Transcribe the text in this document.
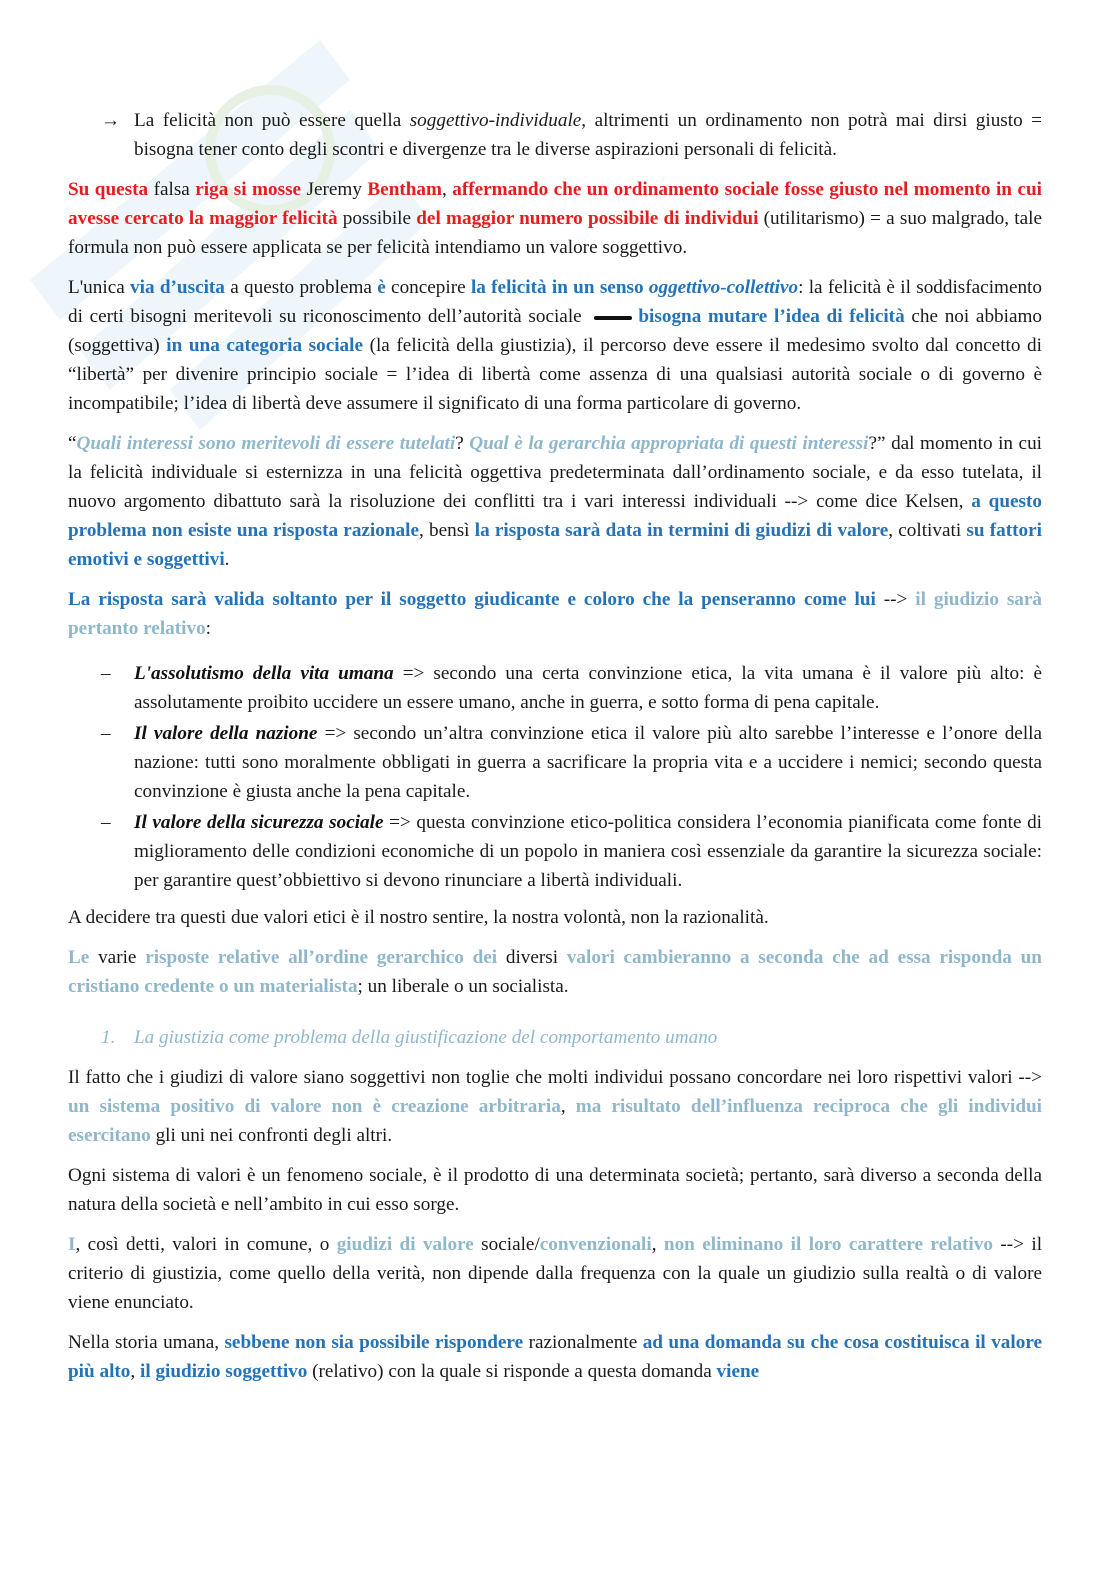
→ La felicità non può essere quella soggettivo-individuale, altrimenti un ordinamento non potrà mai dirsi giusto = bisogna tener conto degli scontri e divergenze tra le diverse aspirazioni personali di felicità.

Su questa falsa riga si mosse Jeremy Bentham, affermando che un ordinamento sociale fosse giusto nel momento in cui avesse cercato la maggior felicità possibile del maggior numero possibile di individui (utilitarismo) = a suo malgrado, tale formula non può essere applicata se per felicità intendiamo un valore soggettivo.

L'unica via d’uscita a questo problema è concepire la felicità in un senso oggettivo-collettivo: la felicità è il soddisfacimento di certi bisogni meritevoli su riconoscimento dell’autorità sociale	bisogna mutare l’idea di felicità che noi abbiamo (soggettiva) in una categoria sociale (la felicità della giustizia), il percorso deve essere il medesimo svolto dal concetto di “libertà” per divenire principio sociale = l’idea di libertà come assenza di una qualsiasi autorità sociale o di governo è incompatibile; l’idea di libertà deve assumere il significato di una forma particolare di governo.

“Quali interessi sono meritevoli di essere tutelati? Qual è la gerarchia appropriata di questi interessi?” dal momento in cui la felicità individuale si esternizza in una felicità oggettiva predeterminata dall’ordinamento sociale, e da esso tutelata, il nuovo argomento dibattuto sarà la risoluzione dei conflitti tra i vari interessi individuali --> come dice Kelsen, a questo problema non esiste una risposta razionale, bensì la risposta sarà data in termini di giudizi di valore, coltivati su fattori emotivi e soggettivi.

La risposta sarà valida soltanto per il soggetto giudicante e coloro che la penseranno come lui --> il giudizio sarà pertanto relativo:

– L'assolutismo della vita umana => secondo una certa convinzione etica, la vita umana è il valore più alto: è assolutamente proibito uccidere un essere umano, anche in guerra, e sotto forma di pena capitale.
– Il valore della nazione => secondo un’altra convinzione etica il valore più alto sarebbe l’interesse e l’onore della nazione: tutti sono moralmente obbligati in guerra a sacrificare la propria vita e a uccidere i nemici; secondo questa convinzione è giusta anche la pena capitale.
– Il valore della sicurezza sociale => questa convinzione etico-politica considera l’economia pianificata come fonte di miglioramento delle condizioni economiche di un popolo in maniera così essenziale da garantire la sicurezza sociale: per garantire quest’obbiettivo si devono rinunciare a libertà individuali.

A decidere tra questi due valori etici è il nostro sentire, la nostra volontà, non la razionalità.

Le varie risposte relative all’ordine gerarchico dei diversi valori cambieranno a seconda che ad essa risponda un cristiano credente o un materialista; un liberale o un socialista.

1. La giustizia come problema della giustificazione del comportamento umano

Il fatto che i giudizi di valore siano soggettivi non toglie che molti individui possano concordare nei loro rispettivi valori --> un sistema positivo di valore non è creazione arbitraria, ma risultato dell’influenza reciproca che gli individui esercitano gli uni nei confronti degli altri.

Ogni sistema di valori è un fenomeno sociale, è il prodotto di una determinata società; pertanto, sarà diverso a seconda della natura della società e nell’ambito in cui esso sorge.

I, così detti, valori in comune, o giudizi di valore sociale/convenzionali, non eliminano il loro carattere relativo --> il criterio di giustizia, come quello della verità, non dipende dalla frequenza con la quale un giudizio sulla realtà o di valore viene enunciato.

Nella storia umana, sebbene non sia possibile rispondere razionalmente ad una domanda su che cosa costituisca il valore più alto, il giudizio soggettivo (relativo) con la quale si risponde a questa domanda viene
